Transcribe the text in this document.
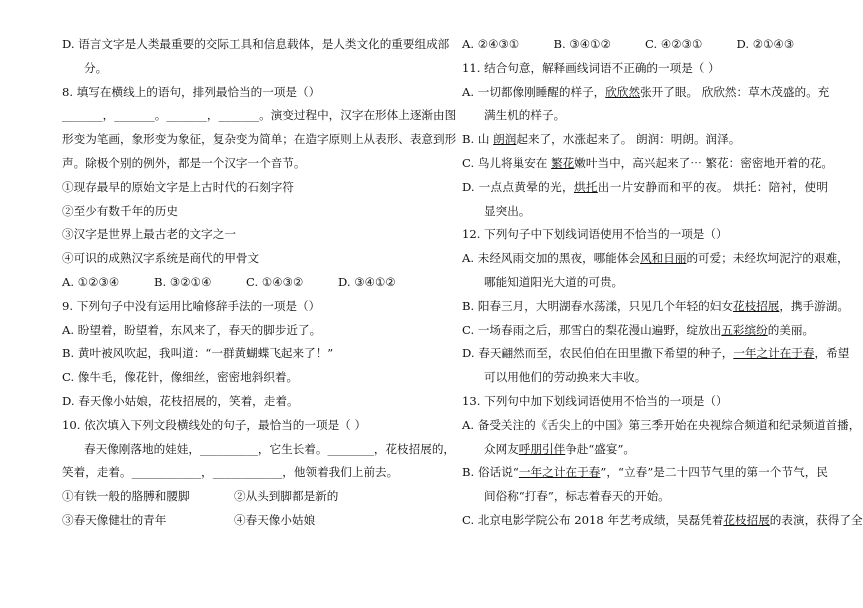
D. 语言文字是人类最重要的交际工具和信息载体，是人类文化的重要组成部
分。
8. 填写在横线上的语句，排列最恰当的一项是（）
_______，_______。_______，_______。演变过程中，汉字在形体上逐渐由图
形变为笔画，象形变为象征，复杂变为简单；在造字原则上从表形、表意到形
声。除极个别的例外，都是一个汉字一个音节。
①现存最早的原始文字是上古时代的石刻字符
②至少有数千年的历史
③汉字是世界上最古老的文字之一
④可识的成熟汉字系统是商代的甲骨文
A. ①②③④	B. ③②①④	C. ①④③②	D. ③④①②
9. 下列句子中没有运用比喻修辞手法的一项是（）
A. 盼望着，盼望着，东风来了，春天的脚步近了。
B. 黄叶被风吹起，我叫道：“一群黄蝴蝶飞起来了！”
C. 像牛毛，像花针，像细丝，密密地斜织着。
D. 春天像小姑娘，花枝招展的，笑着，走着。
10. 依次填入下列文段横线处的句子，最恰当的一项是（ ）
春天像刚落地的娃娃，__________，它生长着。________，花枝招展的，
笑着，走着。____________，____________，他领着我们上前去。
①有铁一般的胳膊和腰脚	②从头到脚都是新的
③春天像健壮的青年	④春天像小姑娘
A. ②④③①	B. ③④①②	C. ④②③①	D. ②①④③
11. 结合句意，解释画线词语不正确的一项是（ ）
A. 一切都像刚睡醒的样子，欣欣然张开了眼。 欣欣然：草木茂盛的。充
满生机的样子。
B. 山 朗润起来了，水涨起来了。 朗润：明朗。润泽。
C. 鸟儿将巢安在 繁花嫩叶当中，高兴起来了⋯ 繁花：密密地开着的花。
D. 一点点黄晕的光，烘托出一片安静而和平的夜。 烘托：陪衬，使明
显突出。
12. 下列句子中下划线词语使用不恰当的一项是（）
A. 未经风雨交加的黑夜，哪能体会风和日丽的可爱；未经坎坷泥泞的艰难，
哪能知道阳光大道的可贵。
B. 阳春三月，大明湖春水荡漾，只见几个年轻的妇女花枝招展，携手游湖。
C. 一场春雨之后，那雪白的梨花漫山遍野，绽放出五彩缤纷的美丽。
D. 春天翩然而至，农民伯伯在田里撒下希望的种子，一年之计在于春，希望
可以用他们的劳动换来大丰收。
13. 下列句中加下划线词语使用不恰当的一项是（）
A. 备受关注的《舌尖上的中国》第三季开始在央视综合频道和纪录频道首播，
众网友呼朋引伴争赴“盛宴”。
B. 俗话说“一年之计在于春”，“立春”是二十四节气里的第一个节气，民
间俗称“打春”，标志着春天的开始。
C. 北京电影学院公布 2018 年艺考成绩，吴磊凭着花枝招展的表演，获得了全
